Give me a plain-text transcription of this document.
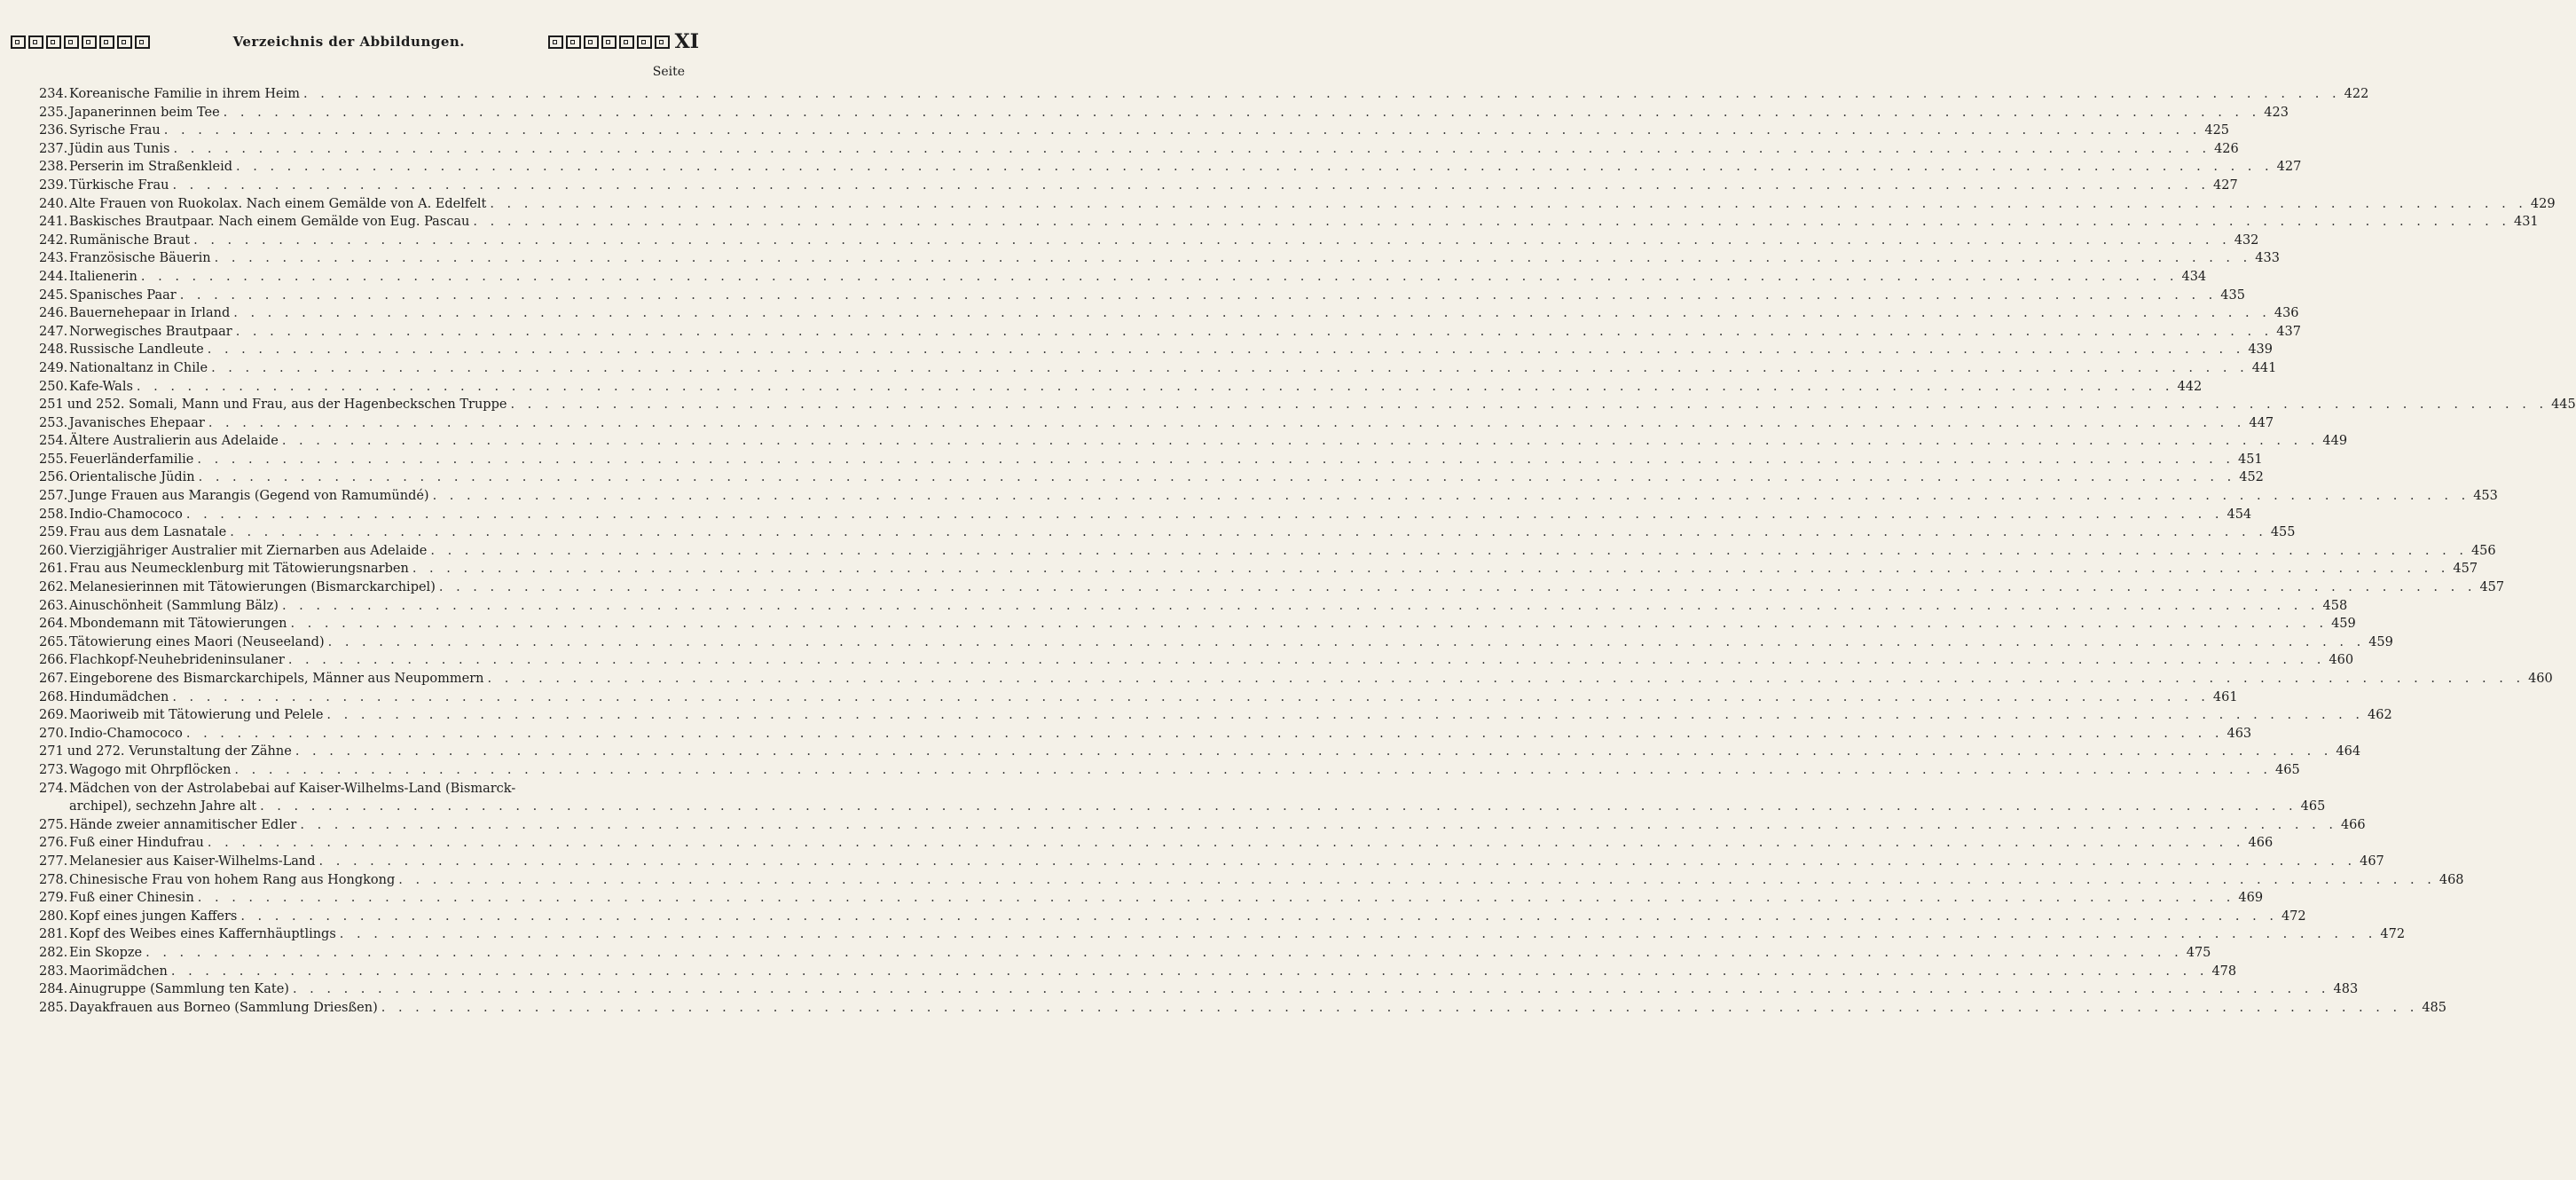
Verzeichnis der Abbildungen.	XI
Seite
234. Koreanische Familie in ihrem Heim . . . . . . . . . . . . . . . . . . . . . . . . . . . . . . . . . . . . . . . . . . . . . . . . . . . . . . . . . . . . . . . . . . . . . . . . . . . . . . . . . . . . . . . . . . . . . . . . . . . . . . . . . . . . . . . . . . . . . . . . 422
235. Japanerinnen beim Tee . . . . . . . . . . . . . . . . . . . . . . . . . . . . . . . . . . . . . . . . . . . . . . . . . . . . . . . . . . . . . . . . . . . . . . . . . . . . . . . . . . . . . . . . . . . . . . . . . . . . . . . . . . . . . . . . . . . . . . . . 423
236. Syrische Frau . . . . . . . . . . . . . . . . . . . . . . . . . . . . . . . . . . . . . . . . . . . . . . . . . . . . . . . . . . . . . . . . . . . . . . . . . . . . . . . . . . . . . . . . . . . . . . . . . . . . . . . . . . . . . . . . . . . . . . . . 425
237. Jüdin aus Tunis . . . . . . . . . . . . . . . . . . . . . . . . . . . . . . . . . . . . . . . . . . . . . . . . . . . . . . . . . . . . . . . . . . . . . . . . . . . . . . . . . . . . . . . . . . . . . . . . . . . . . . . . . . . . . . . . . . . . . . . . 426
238. Perserin im Straßenkleid . . . . . . . . . . . . . . . . . . . . . . . . . . . . . . . . . . . . . . . . . . . . . . . . . . . . . . . . . . . . . . . . . . . . . . . . . . . . . . . . . . . . . . . . . . . . . . . . . . . . . . . . . . . . . . . . . . . . . . . . 427
239. Türkische Frau . . . . . . . . . . . . . . . . . . . . . . . . . . . . . . . . . . . . . . . . . . . . . . . . . . . . . . . . . . . . . . . . . . . . . . . . . . . . . . . . . . . . . . . . . . . . . . . . . . . . . . . . . . . . . . . . . . . . . . . . 427
240. Alte Frauen von Ruokolax. Nach einem Gemälde von A. Edelfelt . . . . . . . . . . . . . . . . . . . . . . . . . . . . . . . . . . . . . . . . . . . . . . . . . . . . . . . . . . . . . . . . . . . . . . . . . . . . . . . . . . . . . . . . . . . . . . . . . . . . . . . . . . . . . . . . . . . . . . . . 429
241. Baskisches Brautpaar. Nach einem Gemälde von Eug. Pascau . . . . . . . . . . . . . . . . . . . . . . . . . . . . . . . . . . . . . . . . . . . . . . . . . . . . . . . . . . . . . . . . . . . . . . . . . . . . . . . . . . . . . . . . . . . . . . . . . . . . . . . . . . . . . . . . . . . . . . . . 431
242. Rumänische Braut . . . . . . . . . . . . . . . . . . . . . . . . . . . . . . . . . . . . . . . . . . . . . . . . . . . . . . . . . . . . . . . . . . . . . . . . . . . . . . . . . . . . . . . . . . . . . . . . . . . . . . . . . . . . . . . . . . . . . . . . 432
243. Französische Bäuerin . . . . . . . . . . . . . . . . . . . . . . . . . . . . . . . . . . . . . . . . . . . . . . . . . . . . . . . . . . . . . . . . . . . . . . . . . . . . . . . . . . . . . . . . . . . . . . . . . . . . . . . . . . . . . . . . . . . . . . . . 433
244. Italienerin . . . . . . . . . . . . . . . . . . . . . . . . . . . . . . . . . . . . . . . . . . . . . . . . . . . . . . . . . . . . . . . . . . . . . . . . . . . . . . . . . . . . . . . . . . . . . . . . . . . . . . . . . . . . . . . . . . . . . . . . 434
245. Spanisches Paar . . . . . . . . . . . . . . . . . . . . . . . . . . . . . . . . . . . . . . . . . . . . . . . . . . . . . . . . . . . . . . . . . . . . . . . . . . . . . . . . . . . . . . . . . . . . . . . . . . . . . . . . . . . . . . . . . . . . . . . . 435
246. Bauernehepaar in Irland . . . . . . . . . . . . . . . . . . . . . . . . . . . . . . . . . . . . . . . . . . . . . . . . . . . . . . . . . . . . . . . . . . . . . . . . . . . . . . . . . . . . . . . . . . . . . . . . . . . . . . . . . . . . . . . . . . . . . . . . 436
247. Norwegisches Brautpaar . . . . . . . . . . . . . . . . . . . . . . . . . . . . . . . . . . . . . . . . . . . . . . . . . . . . . . . . . . . . . . . . . . . . . . . . . . . . . . . . . . . . . . . . . . . . . . . . . . . . . . . . . . . . . . . . . . . . . . . . 437
248. Russische Landleute . . . . . . . . . . . . . . . . . . . . . . . . . . . . . . . . . . . . . . . . . . . . . . . . . . . . . . . . . . . . . . . . . . . . . . . . . . . . . . . . . . . . . . . . . . . . . . . . . . . . . . . . . . . . . . . . . . . . . . . . 439
249. Nationaltanz in Chile . . . . . . . . . . . . . . . . . . . . . . . . . . . . . . . . . . . . . . . . . . . . . . . . . . . . . . . . . . . . . . . . . . . . . . . . . . . . . . . . . . . . . . . . . . . . . . . . . . . . . . . . . . . . . . . . . . . . . . . . 441
250. Kafe-Wals . . . . . . . . . . . . . . . . . . . . . . . . . . . . . . . . . . . . . . . . . . . . . . . . . . . . . . . . . . . . . . . . . . . . . . . . . . . . . . . . . . . . . . . . . . . . . . . . . . . . . . . . . . . . . . . . . . . . . . . . 442
251 und 252. Somali, Mann und Frau, aus der Hagenbeckschen Truppe . . . . . . . . . . . . . . . . . . . . . . . . . . . . . . . . . . . . . . . . . . . . . . . . . . . . . . . . . . . . . . . . . . . . . . . . . . . . . . . . . . . . . . . . . . . . . . . . . . . . . . . . . . . . . . . . . . . . . . . . 445
253. Javanisches Ehepaar . . . . . . . . . . . . . . . . . . . . . . . . . . . . . . . . . . . . . . . . . . . . . . . . . . . . . . . . . . . . . . . . . . . . . . . . . . . . . . . . . . . . . . . . . . . . . . . . . . . . . . . . . . . . . . . . . . . . . . . . 447
254. Ältere Australierin aus Adelaide . . . . . . . . . . . . . . . . . . . . . . . . . . . . . . . . . . . . . . . . . . . . . . . . . . . . . . . . . . . . . . . . . . . . . . . . . . . . . . . . . . . . . . . . . . . . . . . . . . . . . . . . . . . . . . . . . . . . . . . . 449
255. Feuerländerfamilie . . . . . . . . . . . . . . . . . . . . . . . . . . . . . . . . . . . . . . . . . . . . . . . . . . . . . . . . . . . . . . . . . . . . . . . . . . . . . . . . . . . . . . . . . . . . . . . . . . . . . . . . . . . . . . . . . . . . . . . . 451
256. Orientalische Jüdin . . . . . . . . . . . . . . . . . . . . . . . . . . . . . . . . . . . . . . . . . . . . . . . . . . . . . . . . . . . . . . . . . . . . . . . . . . . . . . . . . . . . . . . . . . . . . . . . . . . . . . . . . . . . . . . . . . . . . . . . 452
257. Junge Frauen aus Marangis (Gegend von Ramumündé) . . . . . . . . . . . . . . . . . . . . . . . . . . . . . . . . . . . . . . . . . . . . . . . . . . . . . . . . . . . . . . . . . . . . . . . . . . . . . . . . . . . . . . . . . . . . . . . . . . . . . . . . . . . . . . . . . . . . . . . . 453
258. Indio-Chamococo . . . . . . . . . . . . . . . . . . . . . . . . . . . . . . . . . . . . . . . . . . . . . . . . . . . . . . . . . . . . . . . . . . . . . . . . . . . . . . . . . . . . . . . . . . . . . . . . . . . . . . . . . . . . . . . . . . . . . . . . 454
259. Frau aus dem Lasnatale . . . . . . . . . . . . . . . . . . . . . . . . . . . . . . . . . . . . . . . . . . . . . . . . . . . . . . . . . . . . . . . . . . . . . . . . . . . . . . . . . . . . . . . . . . . . . . . . . . . . . . . . . . . . . . . . . . . . . . . . 455
260. Vierzigjähriger Australier mit Ziernarben aus Adelaide . . . . . . . . . . . . . . . . . . . . . . . . . . . . . . . . . . . . . . . . . . . . . . . . . . . . . . . . . . . . . . . . . . . . . . . . . . . . . . . . . . . . . . . . . . . . . . . . . . . . . . . . . . . . . . . . . . . . . . . . 456
261. Frau aus Neumecklenburg mit Tätowierungsnarben . . . . . . . . . . . . . . . . . . . . . . . . . . . . . . . . . . . . . . . . . . . . . . . . . . . . . . . . . . . . . . . . . . . . . . . . . . . . . . . . . . . . . . . . . . . . . . . . . . . . . . . . . . . . . . . . . . . . . . . . 457
262. Melanesierinnen mit Tätowierungen (Bismarckarchipel) . . . . . . . . . . . . . . . . . . . . . . . . . . . . . . . . . . . . . . . . . . . . . . . . . . . . . . . . . . . . . . . . . . . . . . . . . . . . . . . . . . . . . . . . . . . . . . . . . . . . . . . . . . . . . . . . . . . . . . . . 457
263. Ainuschönheit (Sammlung Bälz) . . . . . . . . . . . . . . . . . . . . . . . . . . . . . . . . . . . . . . . . . . . . . . . . . . . . . . . . . . . . . . . . . . . . . . . . . . . . . . . . . . . . . . . . . . . . . . . . . . . . . . . . . . . . . . . . . . . . . . . . 458
264. Mbondemann mit Tätowierungen . . . . . . . . . . . . . . . . . . . . . . . . . . . . . . . . . . . . . . . . . . . . . . . . . . . . . . . . . . . . . . . . . . . . . . . . . . . . . . . . . . . . . . . . . . . . . . . . . . . . . . . . . . . . . . . . . . . . . . . . 459
265. Tätowierung eines Maori (Neuseeland) . . . . . . . . . . . . . . . . . . . . . . . . . . . . . . . . . . . . . . . . . . . . . . . . . . . . . . . . . . . . . . . . . . . . . . . . . . . . . . . . . . . . . . . . . . . . . . . . . . . . . . . . . . . . . . . . . . . . . . . . 459
266. Flachkopf-Neuhebrideninsulaner . . . . . . . . . . . . . . . . . . . . . . . . . . . . . . . . . . . . . . . . . . . . . . . . . . . . . . . . . . . . . . . . . . . . . . . . . . . . . . . . . . . . . . . . . . . . . . . . . . . . . . . . . . . . . . . . . . . . . . . . 460
267. Eingeborene des Bismarckarchipels, Männer aus Neupommern . . . . . . . . . . . . . . . . . . . . . . . . . . . . . . . . . . . . . . . . . . . . . . . . . . . . . . . . . . . . . . . . . . . . . . . . . . . . . . . . . . . . . . . . . . . . . . . . . . . . . . . . . . . . . . . . . . . . . . . . 460
268. Hindumädchen . . . . . . . . . . . . . . . . . . . . . . . . . . . . . . . . . . . . . . . . . . . . . . . . . . . . . . . . . . . . . . . . . . . . . . . . . . . . . . . . . . . . . . . . . . . . . . . . . . . . . . . . . . . . . . . . . . . . . . . . 461
269. Maoriweib mit Tätowierung und Pelele . . . . . . . . . . . . . . . . . . . . . . . . . . . . . . . . . . . . . . . . . . . . . . . . . . . . . . . . . . . . . . . . . . . . . . . . . . . . . . . . . . . . . . . . . . . . . . . . . . . . . . . . . . . . . . . . . . . . . . . . 462
270. Indio-Chamococo . . . . . . . . . . . . . . . . . . . . . . . . . . . . . . . . . . . . . . . . . . . . . . . . . . . . . . . . . . . . . . . . . . . . . . . . . . . . . . . . . . . . . . . . . . . . . . . . . . . . . . . . . . . . . . . . . . . . . . . . 463
271 und 272. Verunstaltung der Zähne . . . . . . . . . . . . . . . . . . . . . . . . . . . . . . . . . . . . . . . . . . . . . . . . . . . . . . . . . . . . . . . . . . . . . . . . . . . . . . . . . . . . . . . . . . . . . . . . . . . . . . . . . . . . . . . . . . . . . . . . 464
273. Wagogo mit Ohrpflöcken . . . . . . . . . . . . . . . . . . . . . . . . . . . . . . . . . . . . . . . . . . . . . . . . . . . . . . . . . . . . . . . . . . . . . . . . . . . . . . . . . . . . . . . . . . . . . . . . . . . . . . . . . . . . . . . . . . . . . . . . 465
274. Mädchen von der Astrolabebai auf Kaiser-Wilhelms-Land (Bismarck-
archipel), sechzehn Jahre alt . . . . . . . . . . . . . . . . . . . . . . . . . . . . . . . . . . . . . . . . . . . . . . . . . . . . . . . . . . . . . . . . . . . . . . . . . . . . . . . . . . . . . . . . . . . . . . . . . . . . . . . . . . . . . . . . . . . . . . . . 465
275. Hände zweier annamitischer Edler . . . . . . . . . . . . . . . . . . . . . . . . . . . . . . . . . . . . . . . . . . . . . . . . . . . . . . . . . . . . . . . . . . . . . . . . . . . . . . . . . . . . . . . . . . . . . . . . . . . . . . . . . . . . . . . . . . . . . . . . 466
276. Fuß einer Hindufrau . . . . . . . . . . . . . . . . . . . . . . . . . . . . . . . . . . . . . . . . . . . . . . . . . . . . . . . . . . . . . . . . . . . . . . . . . . . . . . . . . . . . . . . . . . . . . . . . . . . . . . . . . . . . . . . . . . . . . . . . 466
277. Melanesier aus Kaiser-Wilhelms-Land . . . . . . . . . . . . . . . . . . . . . . . . . . . . . . . . . . . . . . . . . . . . . . . . . . . . . . . . . . . . . . . . . . . . . . . . . . . . . . . . . . . . . . . . . . . . . . . . . . . . . . . . . . . . . . . . . . . . . . . . 467
278. Chinesische Frau von hohem Rang aus Hongkong . . . . . . . . . . . . . . . . . . . . . . . . . . . . . . . . . . . . . . . . . . . . . . . . . . . . . . . . . . . . . . . . . . . . . . . . . . . . . . . . . . . . . . . . . . . . . . . . . . . . . . . . . . . . . . . . . . . . . . . . 468
279. Fuß einer Chinesin . . . . . . . . . . . . . . . . . . . . . . . . . . . . . . . . . . . . . . . . . . . . . . . . . . . . . . . . . . . . . . . . . . . . . . . . . . . . . . . . . . . . . . . . . . . . . . . . . . . . . . . . . . . . . . . . . . . . . . . . 469
280. Kopf eines jungen Kaffers . . . . . . . . . . . . . . . . . . . . . . . . . . . . . . . . . . . . . . . . . . . . . . . . . . . . . . . . . . . . . . . . . . . . . . . . . . . . . . . . . . . . . . . . . . . . . . . . . . . . . . . . . . . . . . . . . . . . . . . . 472
281. Kopf des Weibes eines Kaffernhäuptlings . . . . . . . . . . . . . . . . . . . . . . . . . . . . . . . . . . . . . . . . . . . . . . . . . . . . . . . . . . . . . . . . . . . . . . . . . . . . . . . . . . . . . . . . . . . . . . . . . . . . . . . . . . . . . . . . . . . . . . . . 472
282. Ein Skopze . . . . . . . . . . . . . . . . . . . . . . . . . . . . . . . . . . . . . . . . . . . . . . . . . . . . . . . . . . . . . . . . . . . . . . . . . . . . . . . . . . . . . . . . . . . . . . . . . . . . . . . . . . . . . . . . . . . . . . . . 475
283. Maorimädchen . . . . . . . . . . . . . . . . . . . . . . . . . . . . . . . . . . . . . . . . . . . . . . . . . . . . . . . . . . . . . . . . . . . . . . . . . . . . . . . . . . . . . . . . . . . . . . . . . . . . . . . . . . . . . . . . . . . . . . . . 478
284. Ainugruppe (Sammlung ten Kate) . . . . . . . . . . . . . . . . . . . . . . . . . . . . . . . . . . . . . . . . . . . . . . . . . . . . . . . . . . . . . . . . . . . . . . . . . . . . . . . . . . . . . . . . . . . . . . . . . . . . . . . . . . . . . . . . . . . . . . . . 483
285. Dayakfrauen aus Borneo (Sammlung Driesßen) . . . . . . . . . . . . . . . . . . . . . . . . . . . . . . . . . . . . . . . . . . . . . . . . . . . . . . . . . . . . . . . . . . . . . . . . . . . . . . . . . . . . . . . . . . . . . . . . . . . . . . . . . . . . . . . . . . . . . . . . 485
